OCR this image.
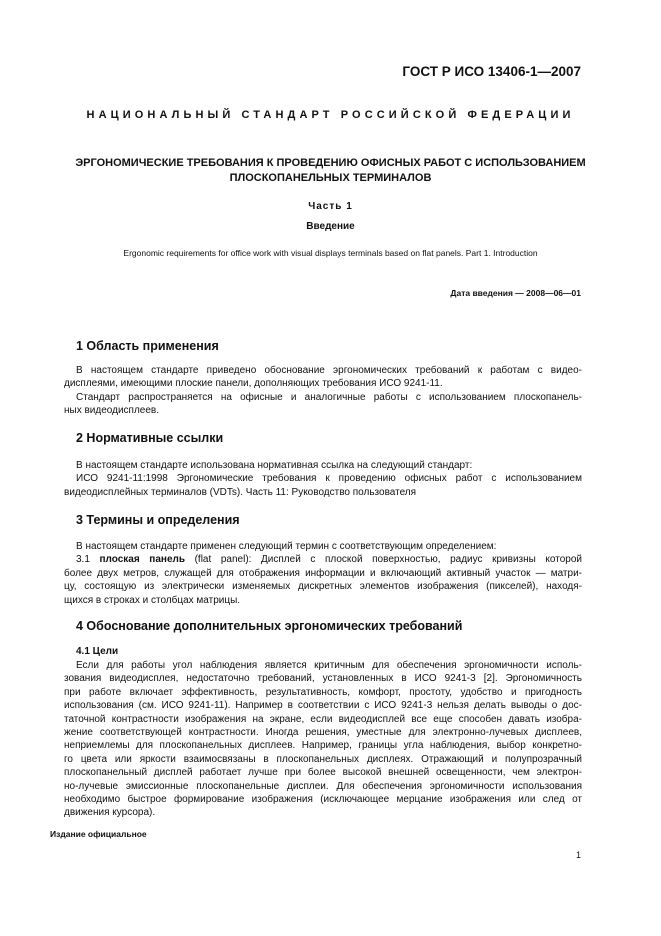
ГОСТ Р ИСО 13406-1—2007
НАЦИОНАЛЬНЫЙ СТАНДАРТ РОССИЙСКОЙ ФЕДЕРАЦИИ
ЭРГОНОМИЧЕСКИЕ ТРЕБОВАНИЯ К ПРОВЕДЕНИЮ ОФИСНЫХ РАБОТ С ИСПОЛЬЗОВАНИЕМ
ПЛОСКОПАНЕЛЬНЫХ ТЕРМИНАЛОВ
Часть 1
Введение
Ergonomic requirements for office work with visual displays terminals based on flat panels. Part 1. Introduction
Дата введения — 2008—06—01
1 Область применения
В настоящем стандарте приведено обоснование эргономических требований к работам с видео-
дисплеями, имеющими плоские панели, дополняющих требования ИСО 9241-11.
Стандарт распространяется на офисные и аналогичные работы с использованием плоскопанель-
ных видеодисплеев.
2 Нормативные ссылки
В настоящем стандарте использована нормативная ссылка на следующий стандарт:
ИСО 9241-11:1998 Эргономические требования к проведению офисных работ с использованием
видеодисплейных терминалов (VDTs). Часть 11: Руководство пользователя
3 Термины и определения
В настоящем стандарте применен следующий термин с соответствующим определением:
3.1 плоская панель (flat panel): Дисплей с плоской поверхностью, радиус кривизны которой
более двух метров, служащей для отображения информации и включающий активный участок — матри-
цу, состоящую из электрически изменяемых дискретных элементов изображения (пикселей), находя-
щихся в строках и столбцах матрицы.
4 Обоснование дополнительных эргономических требований
4.1 Цели
Если для работы угол наблюдения является критичным для обеспечения эргономичности исполь-
зования видеодисплея, недостаточно требований, установленных в ИСО 9241-3 [2]. Эргономичность
при работе включает эффективность, результативность, комфорт, простоту, удобство и пригодность
использования (см. ИСО 9241-11). Например в соответствии с ИСО 9241-3 нельзя делать выводы о дос-
таточной контрастности изображения на экране, если видеодисплей все еще способен давать изобра-
жение соответствующей контрастности. Иногда решения, уместные для электронно-лучевых дисплеев,
неприемлемы для плоскопанельных дисплеев. Например, границы угла наблюдения, выбор конкретно-
го цвета или яркости взаимосвязаны в плоскопанельных дисплеях. Отражающий и полупрозрачный
плоскопанельный дисплей работает лучше при более высокой внешней освещенности, чем электрон-
но-лучевые эмиссионные плоскопанельные дисплеи. Для обеспечения эргономичности использования
необходимо быстрое формирование изображения (исключающее мерцание изображения или след от
движения курсора).
Издание официальное
1
